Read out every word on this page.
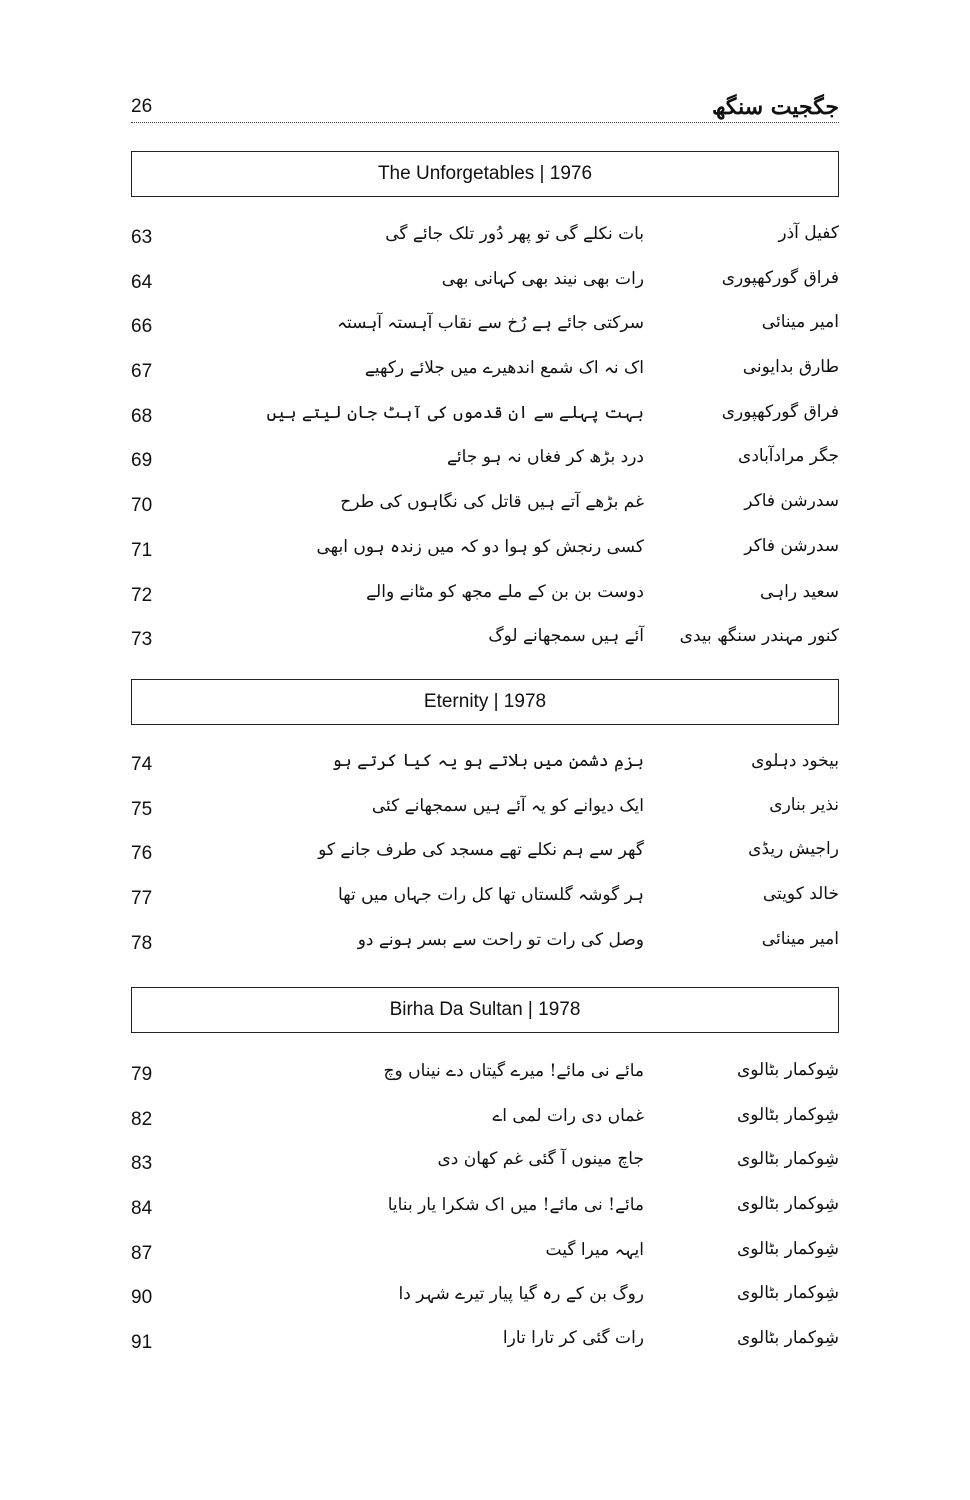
26	جگجیت سنگھ
The Unforgetables | 1976
63	بات نکلے گی تو پھر دُور تلک جائے گی	کفیل آذر
64	رات بھی نیند بھی کہانی بھی	فراق گورکھپوری
66	سرکتی جائے ہے رُخ سے نقاب آہستہ آہستہ	امیر مینائی
67	اک نہ اک شمع اندھیرے میں جلائے رکھیے	طارق بدایونی
68	بہت پہلے سے ان قدموں کی آہٹ جان لیتے ہیں	فراق گورکھپوری
69	درد بڑھ کر فغاں نہ ہو جائے	جگر مرادآبادی
70	غم بڑھے آتے ہیں قاتل کی نگاہوں کی طرح	سدرشن فاکر
71	کسی رنجش کو ہوا دو کہ میں زندہ ہوں ابھی	سدرشن فاکر
72	دوست بن بن کے ملے مجھ کو مٹانے والے	سعید راہی
73	آئے ہیں سمجھانے لوگ	کنور مہندر سنگھ بیدی
Eternity | 1978
74	بزمِ دشمن میں بلاتے ہو یہ کیا کرتے ہو	بیخود دہلوی
75	ایک دیوانے کو یہ آئے ہیں سمجھانے کئی	نذیر بناری
76	گھر سے ہم نکلے تھے مسجد کی طرف جانے کو	راجیش ریڈی
77	ہر گوشہ گلستاں تھا کل رات جہاں میں تھا	خالد کویتی
78	وصل کی رات تو راحت سے بسر ہونے دو	امیر مینائی
Birha Da Sultan | 1978
79	مائے نی مائے! میرے گیتاں دے نیناں وچ	شِوکمار بٹالوی
82	غماں دی رات لمی اے	شِوکمار بٹالوی
83	جاچ مینوں آ گئی غم کھان دی	شِوکمار بٹالوی
84	مائے! نی مائے! میں اک شکرا یار بنایا	شِوکمار بٹالوی
87	ایہہ میرا گیت	شِوکمار بٹالوی
90	روگ بن کے رہ گیا پیار تیرے شہر دا	شِوکمار بٹالوی
91	رات گئی کر تارا تارا	شِوکمار بٹالوی
